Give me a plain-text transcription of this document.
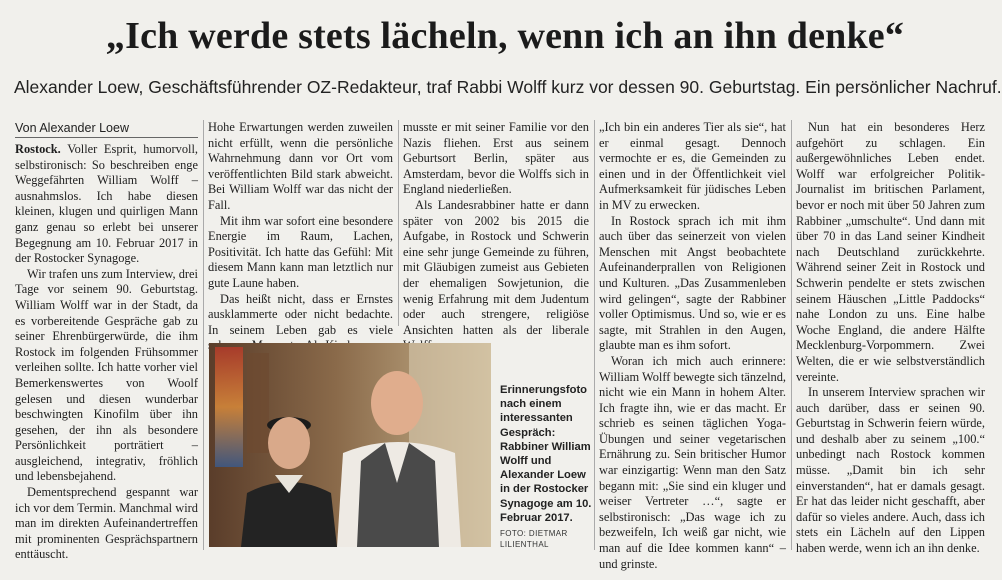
„Ich werde stets lächeln, wenn ich an ihn denke“
Alexander Loew, Geschäftsführender OZ-Redakteur, traf Rabbi Wolff kurz vor dessen 90. Geburtstag. Ein persönlicher Nachruf.
Von Alexander Loew

Rostock. Voller Esprit, humorvoll, selbstironisch: So beschreiben enge Weggefährten William Wolff – ausnahmslos. Ich habe diesen kleinen, klugen und quirligen Mann ganz genau so erlebt bei unserer Begegnung am 10. Februar 2017 in der Rostocker Synagoge.

Wir trafen uns zum Interview, drei Tage vor seinem 90. Geburtstag. William Wolff war in der Stadt, da es vorbereitende Gespräche gab zu seiner Ehrenbürgerwürde, die ihm Rostock im folgenden Frühsommer verleihen sollte. Ich hatte vorher viel Bemerkenswertes von Woolf gelesen und diesen wunderbar beschwingten Kinofilm über ihn gesehen, der ihn als besondere Persönlichkeit porträtiert – ausgleichend, integrativ, fröhlich und lebensbejahend.

Dementsprechend gespannt war ich vor dem Termin. Manchmal wird man im direkten Aufeinandertreffen mit prominenten Gesprächspartnern enttäuscht.

Hohe Erwartungen werden zuweilen nicht erfüllt, wenn die persönliche Wahrnehmung dann vor Ort vom veröffentlichten Bild stark abweicht. Bei William Wolff war das nicht der Fall.

Mit ihm war sofort eine besondere Energie im Raum, Lachen, Positivität. Ich hatte das Gefühl: Mit diesem Mann kann man letztlich nur gute Laune haben.

Das heißt nicht, dass er Ernstes ausklammerte oder nicht bedachte. In seinem Leben gab es viele

musste er mit seiner Familie vor den Nazis fliehen. Erst aus seinem Geburtsort Berlin, später aus Amsterdam, bevor die Wolffs sich in England niederließen.

Als Landesrabbiner hatte er dann später von 2002 bis 2015 die Aufgabe, in Rostock und Schwerin eine sehr junge Gemeinde zu führen, mit Gläubigen zumeist aus Gebieten der ehemaligen Sowjetunion, die wenig Erfahrung mit dem Judentum oder auch strengere, religiöse Ansichten hatten als der liberale

Erinnerungsfoto nach einem interessanten Gespräch: Rabbiner William Wolff und Alexander Loew in der Rostocker Synagoge am 10. Februar 2017.
FOTO: DIETMAR LILIENTHAL

„Ich bin ein anderes Tier als sie“, hat er einmal gesagt. Dennoch vermochte er es, die Gemeinden zu einen und in der Öffentlichkeit viel Aufmerksamkeit für jüdisches Leben in MV zu erwecken.

In Rostock sprach ich mit ihm auch über das seinerzeit von vielen Menschen mit Angst beobachtete Aufeinanderprallen von Religionen und Kulturen. „Das Zusammenleben wird gelingen“, sagte der Rabbiner voller Optimismus. Und so, wie er es sagte, mit Strahlen in den Augen, glaubte man es ihm sofort.

Woran ich mich auch erinnere: William Wolff bewegte sich tänzelnd, nicht wie ein Mann in hohem Alter. Ich fragte ihn, wie er das macht. Er schrieb es seinen täglichen Yoga-Übungen und seiner vegetarischen Ernährung zu. Sein britischer Humor war einzigartig: Wenn man den Satz begann mit: „Sie sind ein kluger und weiser Vertreter …“, sagte er selbstironisch: „Das wage ich zu bezweifeln, Ich weiß gar nicht, wie man auf die Idee kommen kann“ – und grinste.

Nun hat ein besonderes Herz aufgehört zu schlagen. Ein außergewöhnliches Leben endet. Wolff war erfolgreicher Politik-Journalist im britischen Parlament, bevor er noch mit über 50 Jahren zum Rabbiner „umschulte“. Und dann mit über 70 in das Land seiner Kindheit nach Deutschland zurückkehrte. Während seiner Zeit in Rostock und Schwerin pendelte er stets zwischen seinem Häuschen „Little Paddocks“ nahe London zu uns. Eine halbe Woche England, die andere Hälfte Mecklenburg-Vorpommern. Zwei Welten, die er wie selbstverständlich vereinte.

In unserem Interview sprachen wir auch darüber, dass er seinen 90. Geburtstag in Schwerin feiern würde, und deshalb aber zu seinem „100.“ unbedingt nach Rostock kommen müsse. „Damit bin ich sehr einverstanden“, hat er damals gesagt. Er hat das leider nicht geschafft, aber dafür so vieles andere. Auch, dass ich stets ein Lächeln auf den Lippen haben werde, wenn ich an ihn denke.
